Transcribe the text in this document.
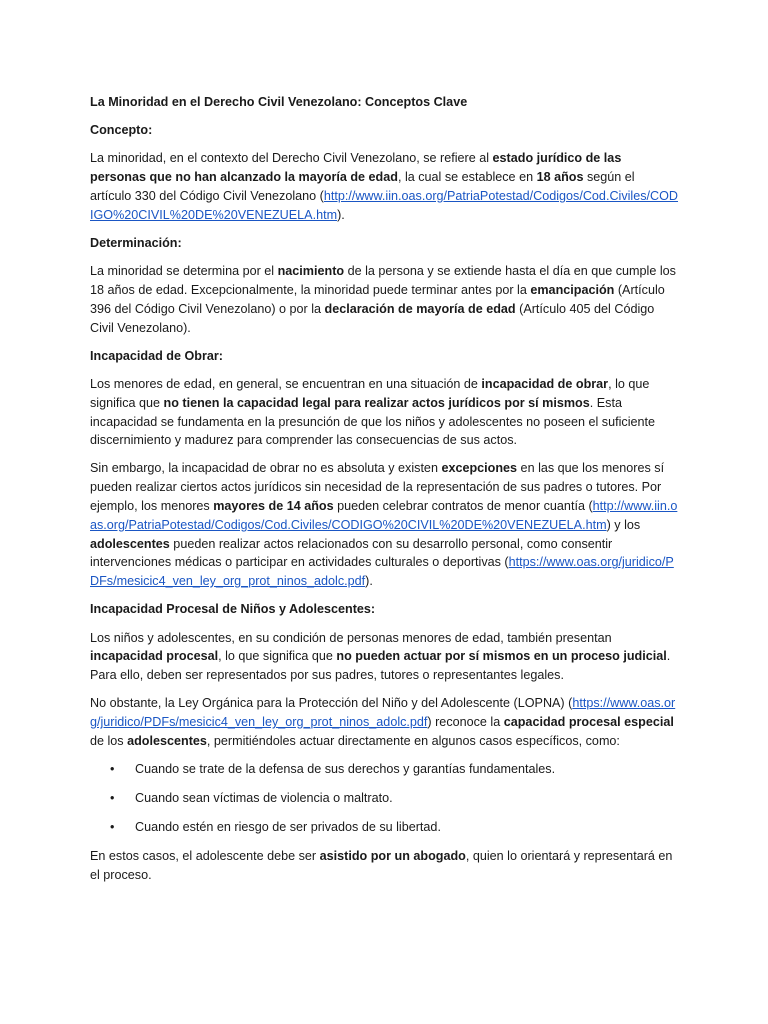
La Minoridad en el Derecho Civil Venezolano: Conceptos Clave

Concepto:

La minoridad, en el contexto del Derecho Civil Venezolano, se refiere al estado jurídico de las personas que no han alcanzado la mayoría de edad, la cual se establece en 18 años según el artículo 330 del Código Civil Venezolano (http://www.iin.oas.org/PatriaPotestad/Codigos/Cod.Civiles/CODIGO%20CIVIL%20DE%20VENEZUELA.htm).

Determinación:

La minoridad se determina por el nacimiento de la persona y se extiende hasta el día en que cumple los 18 años de edad. Excepcionalmente, la minoridad puede terminar antes por la emancipación (Artículo 396 del Código Civil Venezolano) o por la declaración de mayoría de edad (Artículo 405 del Código Civil Venezolano).

Incapacidad de Obrar:

Los menores de edad, en general, se encuentran en una situación de incapacidad de obrar, lo que significa que no tienen la capacidad legal para realizar actos jurídicos por sí mismos. Esta incapacidad se fundamenta en la presunción de que los niños y adolescentes no poseen el suficiente discernimiento y madurez para comprender las consecuencias de sus actos.

Sin embargo, la incapacidad de obrar no es absoluta y existen excepciones en las que los menores sí pueden realizar ciertos actos jurídicos sin necesidad de la representación de sus padres o tutores. Por ejemplo, los menores mayores de 14 años pueden celebrar contratos de menor cuantía (http://www.iin.oas.org/PatriaPotestad/Codigos/Cod.Civiles/CODIGO%20CIVIL%20DE%20VENEZUELA.htm) y los adolescentes pueden realizar actos relacionados con su desarrollo personal, como consentir intervenciones médicas o participar en actividades culturales o deportivas (https://www.oas.org/juridico/PDFs/mesicic4_ven_ley_org_prot_ninos_adolc.pdf).

Incapacidad Procesal de Niños y Adolescentes:

Los niños y adolescentes, en su condición de personas menores de edad, también presentan incapacidad procesal, lo que significa que no pueden actuar por sí mismos en un proceso judicial. Para ello, deben ser representados por sus padres, tutores o representantes legales.

No obstante, la Ley Orgánica para la Protección del Niño y del Adolescente (LOPNA) (https://www.oas.org/juridico/PDFs/mesicic4_ven_ley_org_prot_ninos_adolc.pdf) reconoce la capacidad procesal especial de los adolescentes, permitiéndoles actuar directamente en algunos casos específicos, como:

• Cuando se trate de la defensa de sus derechos y garantías fundamentales.
• Cuando sean víctimas de violencia o maltrato.
• Cuando estén en riesgo de ser privados de su libertad.

En estos casos, el adolescente debe ser asistido por un abogado, quien lo orientará y representará en el proceso.
